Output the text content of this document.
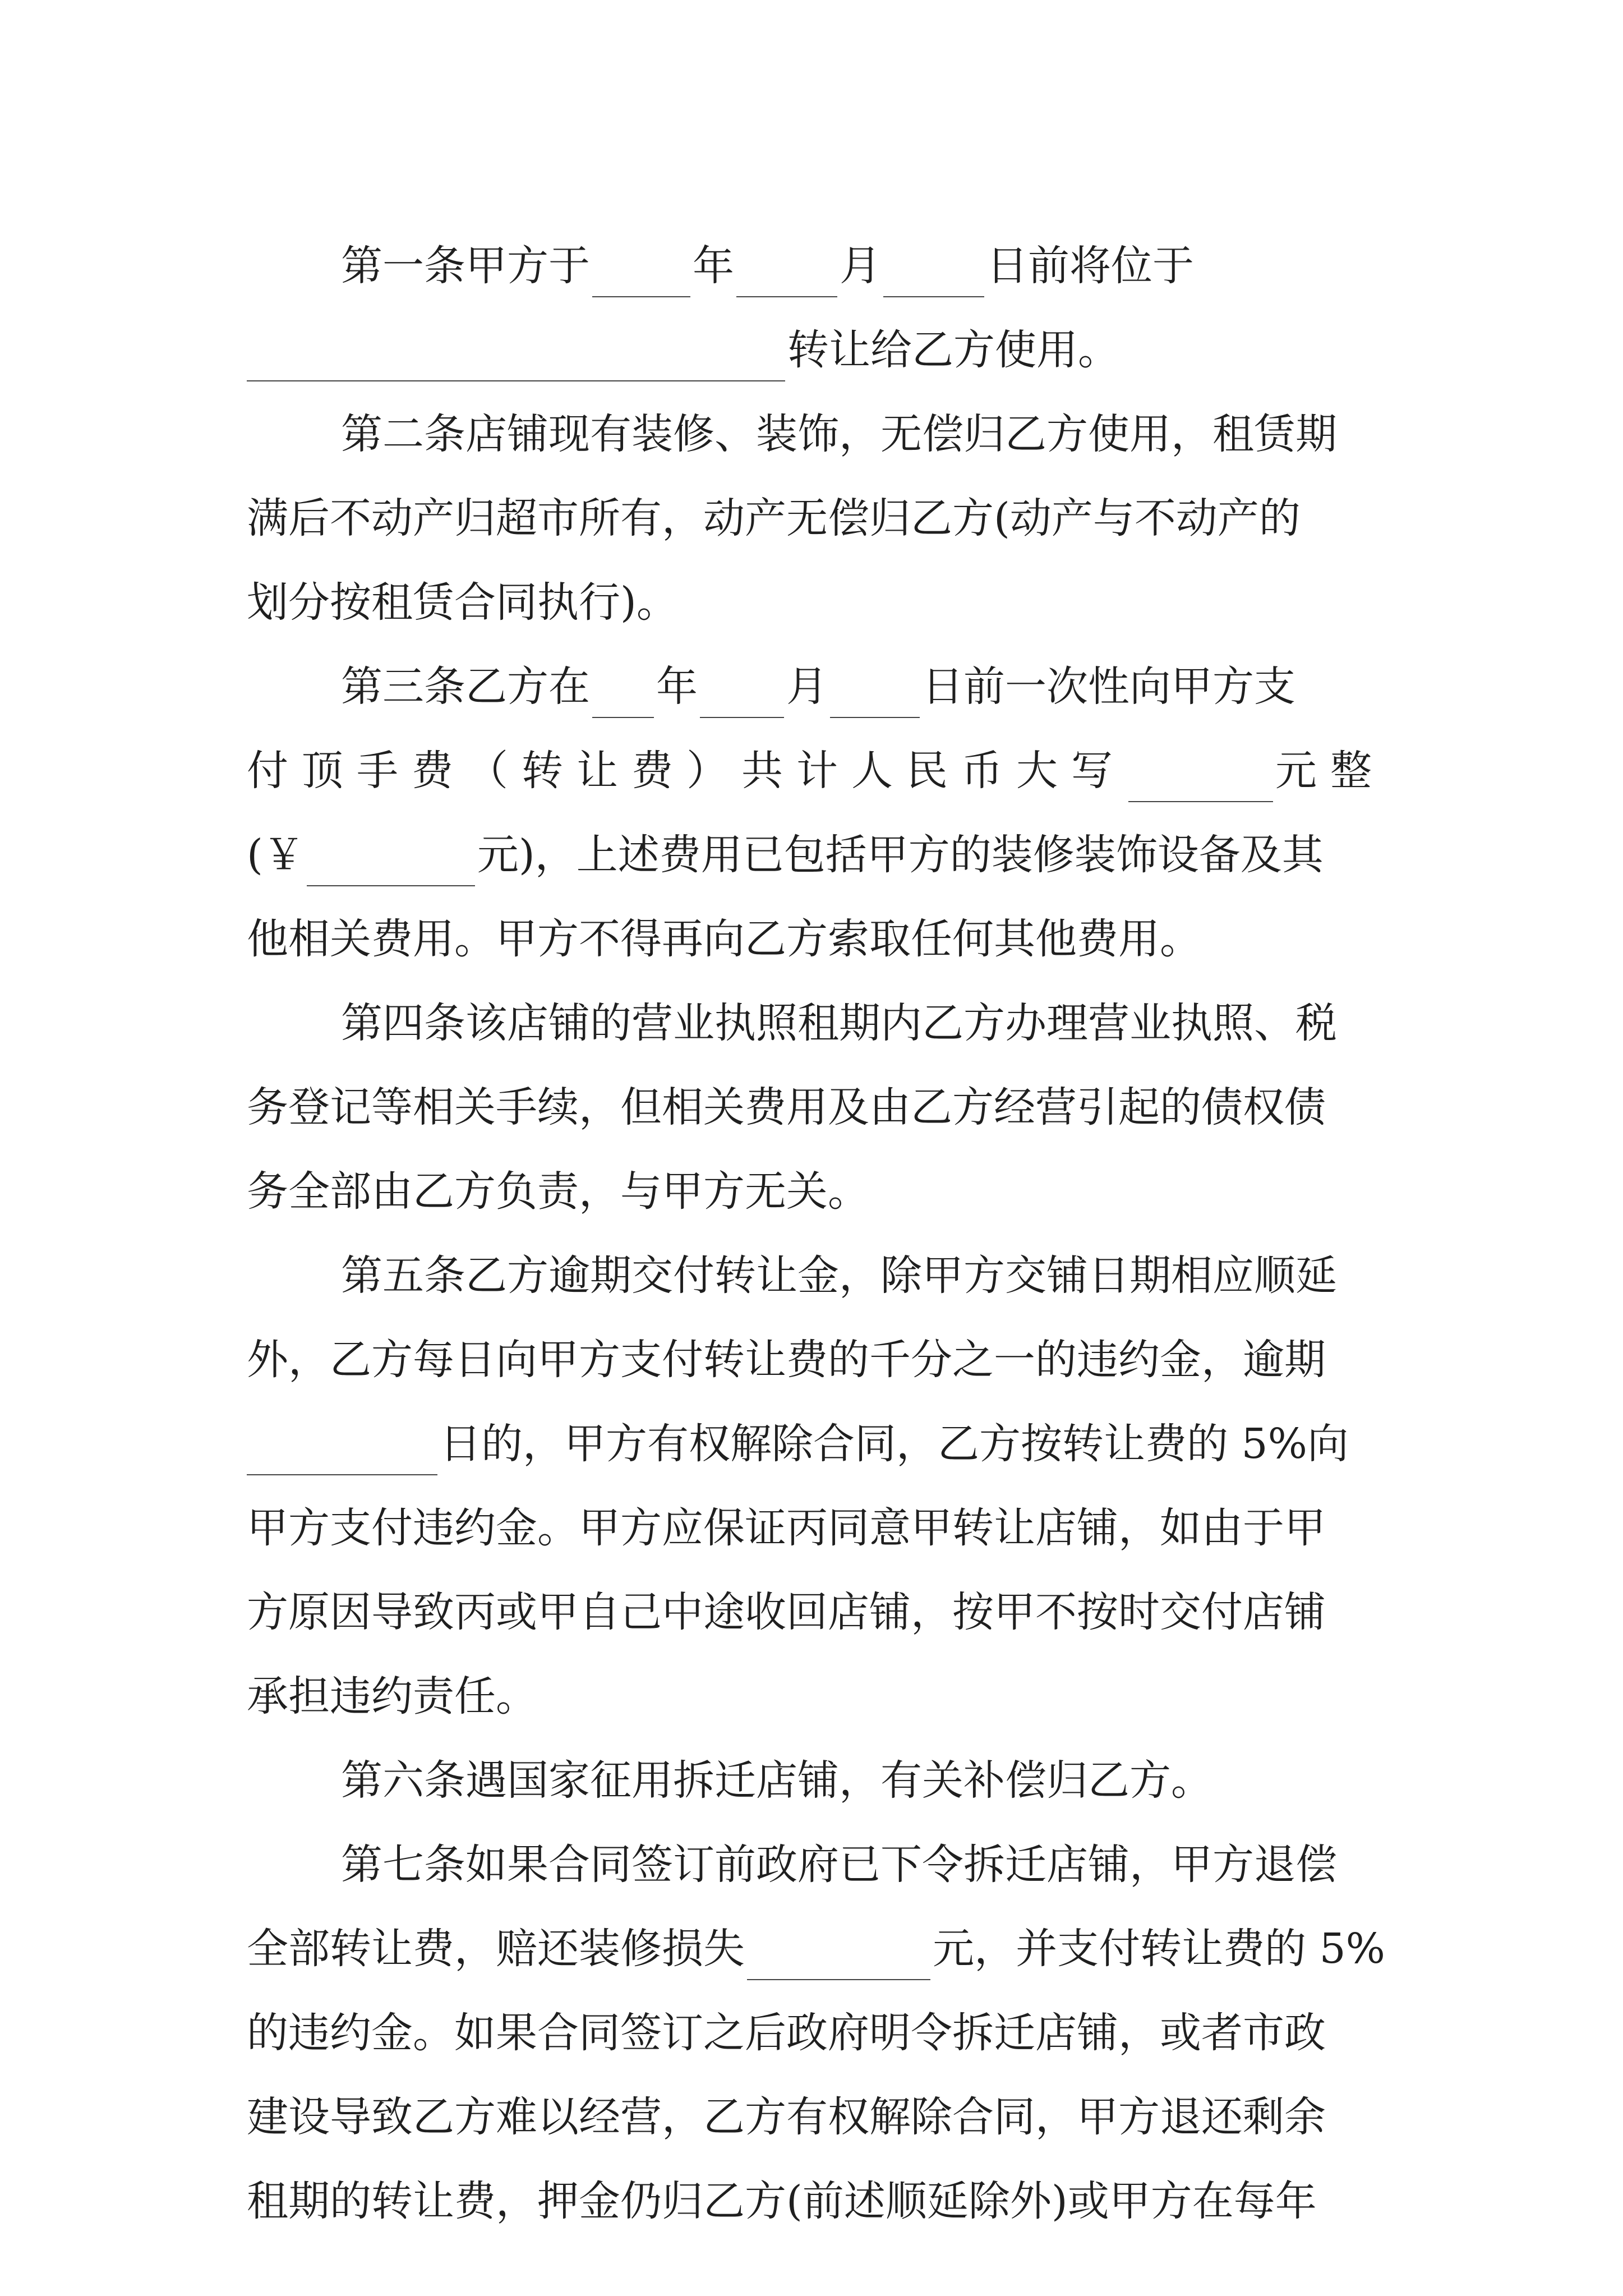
第一条甲方于 年	月	日前将位于
转让给乙方使用。
第二条店铺现有装修、装饰，无偿归乙方使用，租赁期
满后不动产归超市所有，动产无偿归乙方(动产与不动产的
划分按租赁合同执行)。
第三条乙方在 年 月 日前一次性向甲方支
付顶手费（转让费）共计人民币大写	元整
(￥	元)，上述费用已包括甲方的装修装饰设备及其
他相关费用。甲方不得再向乙方索取任何其他费用。
第四条该店铺的营业执照租期内乙方办理营业执照、税
务登记等相关手续，但相关费用及由乙方经营引起的债权债
务全部由乙方负责，与甲方无关。
第五条乙方逾期交付转让金，除甲方交铺日期相应顺延
外，乙方每日向甲方支付转让费的千分之一的违约金，逾期
日的，甲方有权解除合同，乙方按转让费的 5%向
甲方支付违约金。甲方应保证丙同意甲转让店铺，如由于甲
方原因导致丙或甲自己中途收回店铺，按甲不按时交付店铺
承担违约责任。
第六条遇国家征用拆迁店铺，有关补偿归乙方。
第七条如果合同签订前政府已下令拆迁店铺，甲方退偿
全部转让费，赔还装修损失	元，并支付转让费的 5%
的违约金。如果合同签订之后政府明令拆迁店铺，或者市政
建设导致乙方难以经营，乙方有权解除合同，甲方退还剩余
租期的转让费，押金仍归乙方(前述顺延除外)或甲方在每年
